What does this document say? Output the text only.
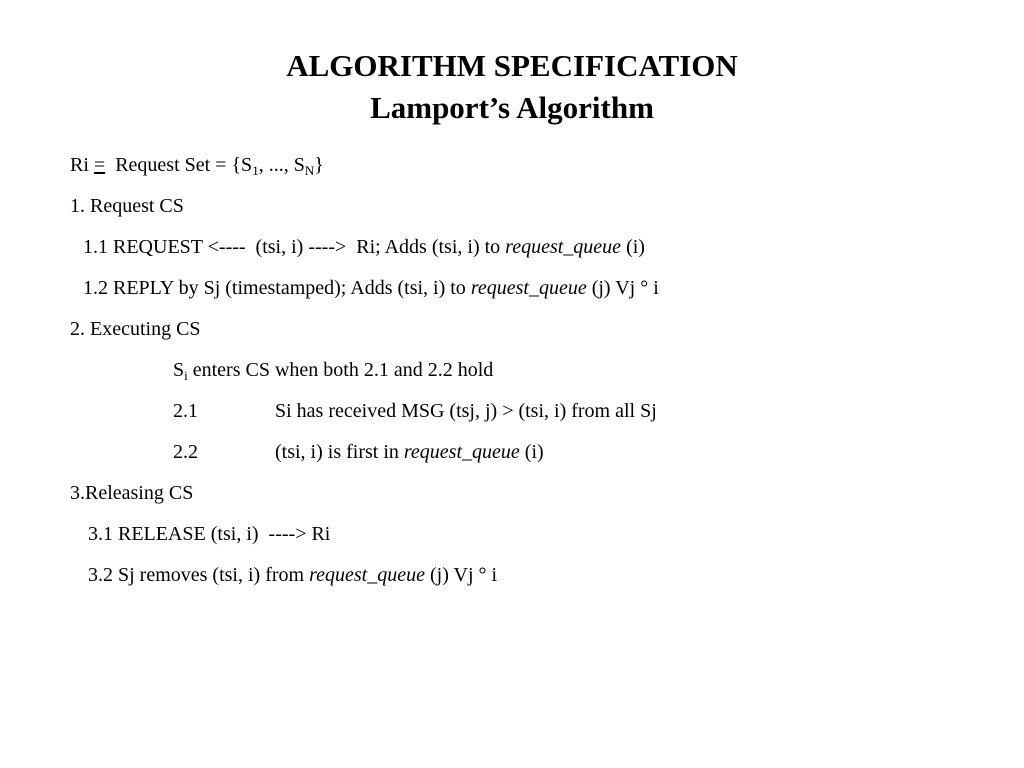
ALGORITHM SPECIFICATION
Lamport’s Algorithm
Ri =  Request Set = {$S_1$, ..., $S_N$}
1. Request CS
1.1 REQUEST <----  (tsi, i) ---->  Ri; Adds (tsi, i) to request_queue (i)
1.2 REPLY by Sj (timestamped); Adds (tsi, i) to request_queue (j) Vj ° i
2. Executing CS
$S_i$ enters CS when both 2.1 and 2.2 hold
2.1	Si has received MSG (tsj, j) > (tsi, i) from all Sj
2.2	(tsi, i) is first in request_queue (i)
3.Releasing CS
3.1 RELEASE (tsi, i)  ----> Ri
3.2 Sj removes (tsi, i) from request_queue (j) Vj ° i
